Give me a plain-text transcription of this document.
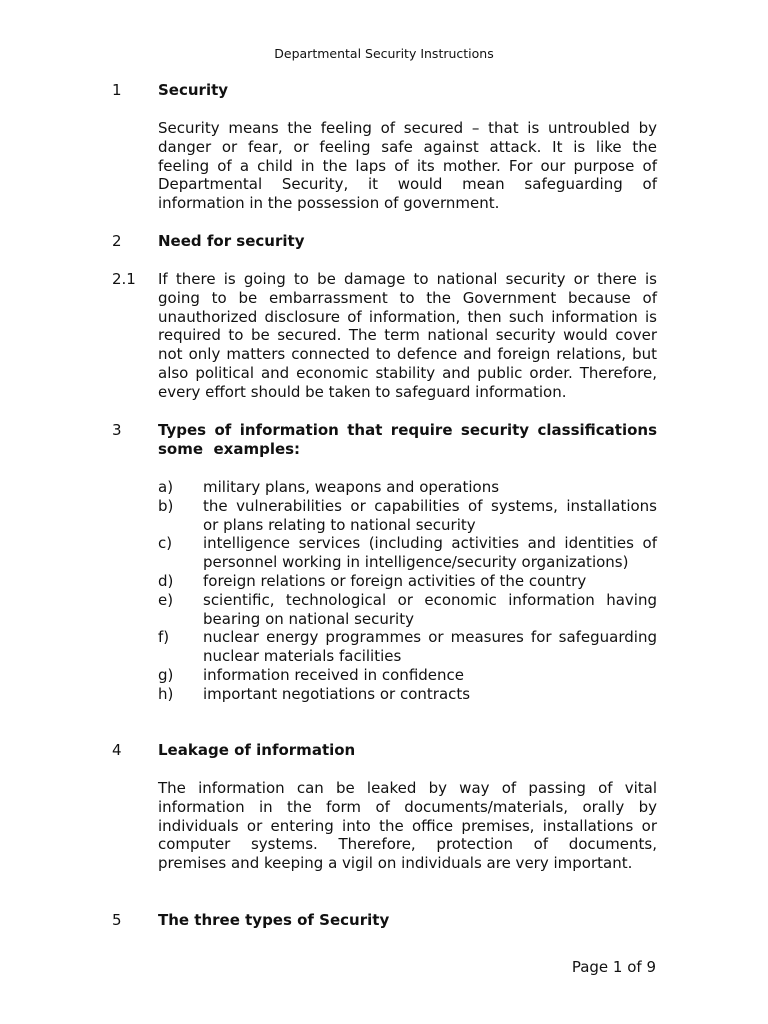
Departmental Security Instructions
1 Security
Security means the feeling of secured – that is untroubled by
danger or fear, or feeling safe against attack. It is like the
feeling of a child in the laps of its mother. For our purpose of
Departmental Security, it would mean safeguarding of
information in the possession of government.
2 Need for security
2.1 If there is going to be damage to national security or there is
going to be embarrassment to the Government because of
unauthorized disclosure of information, then such information is
required to be secured. The term national security would cover
not only matters connected to defence and foreign relations, but
also political and economic stability and public order. Therefore,
every effort should be taken to safeguard information.
3 Types of information that require security classifications
some  examples:
a) military plans, weapons and operations
b) the vulnerabilities or capabilities of systems, installations
or plans relating to national security
c) intelligence services (including activities and identities of
personnel working in intelligence/security organizations)
d) foreign relations or foreign activities of the country
e) scientific, technological or economic information having
bearing on national security
f) nuclear energy programmes or measures for safeguarding
nuclear materials facilities
g) information received in confidence
h) important negotiations or contracts
4 Leakage of information
The information can be leaked by way of passing of vital
information in the form of documents/materials, orally by
individuals or entering into the office premises, installations or
computer systems. Therefore, protection of documents,
premises and keeping a vigil on individuals are very important.
5 The three types of Security
Page 1 of 9
